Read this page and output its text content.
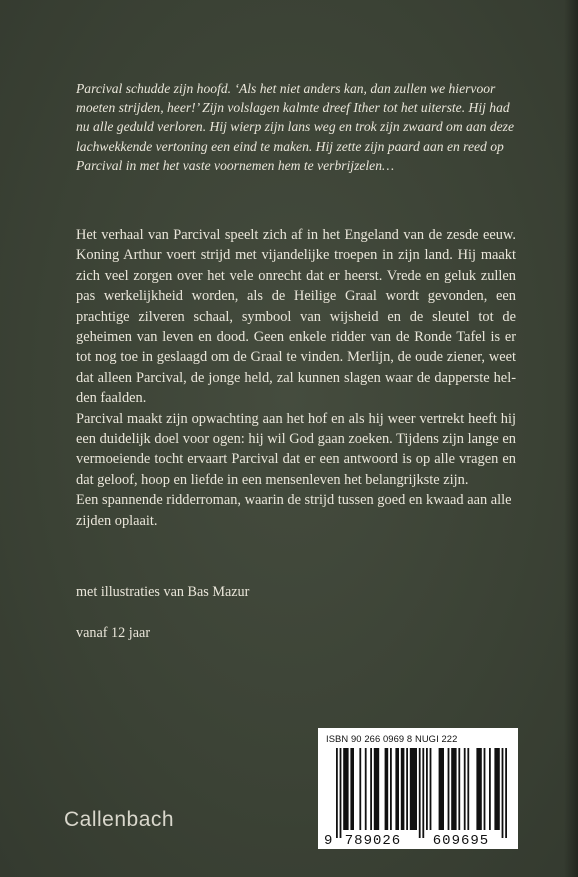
Parcival schudde zijn hoofd. ‘Als het niet anders kan, dan zullen we hiervoor moeten strijden, heer!’ Zijn volslagen kalmte dreef Ither tot het uiterste. Hij had nu alle geduld verloren. Hij wierp zijn lans weg en trok zijn zwaard om aan deze lachwekkende vertoning een eind te maken. Hij zette zijn paard aan en reed op Parcival in met het vaste voornemen hem te verbrijzelen…

Het verhaal van Parcival speelt zich af in het Engeland van de zesde eeuw. Koning Arthur voert strijd met vijandelijke troepen in zijn land. Hij maakt zich veel zorgen over het vele onrecht dat er heerst. Vrede en geluk zullen pas werkelijkheid worden, als de Heilige Graal wordt gevonden, een prachtige zilveren schaal, symbool van wijsheid en de sleutel tot de geheimen van leven en dood. Geen enkele ridder van de Ronde Tafel is er tot nog toe in geslaagd om de Graal te vinden. Merlijn, de oude ziener, weet dat alleen Parcival, de jonge held, zal kunnen slagen waar de dapperste helden faalden.

Parcival maakt zijn opwachting aan het hof en als hij weer vertrekt heeft hij een duidelijk doel voor ogen: hij wil God gaan zoeken. Tijdens zijn lange en vermoeiende tocht ervaart Parcival dat er een antwoord is op alle vragen en dat geloof, hoop en liefde in een mensenleven het belangrijkste zijn.

Een spannende ridderroman, waarin de strijd tussen goed en kwaad aan alle zijden oplaait.

met illustraties van Bas Mazur

vanaf 12 jaar

Callenbach

ISBN 90 266 0969 8 NUGI 222
9 789026 609695
